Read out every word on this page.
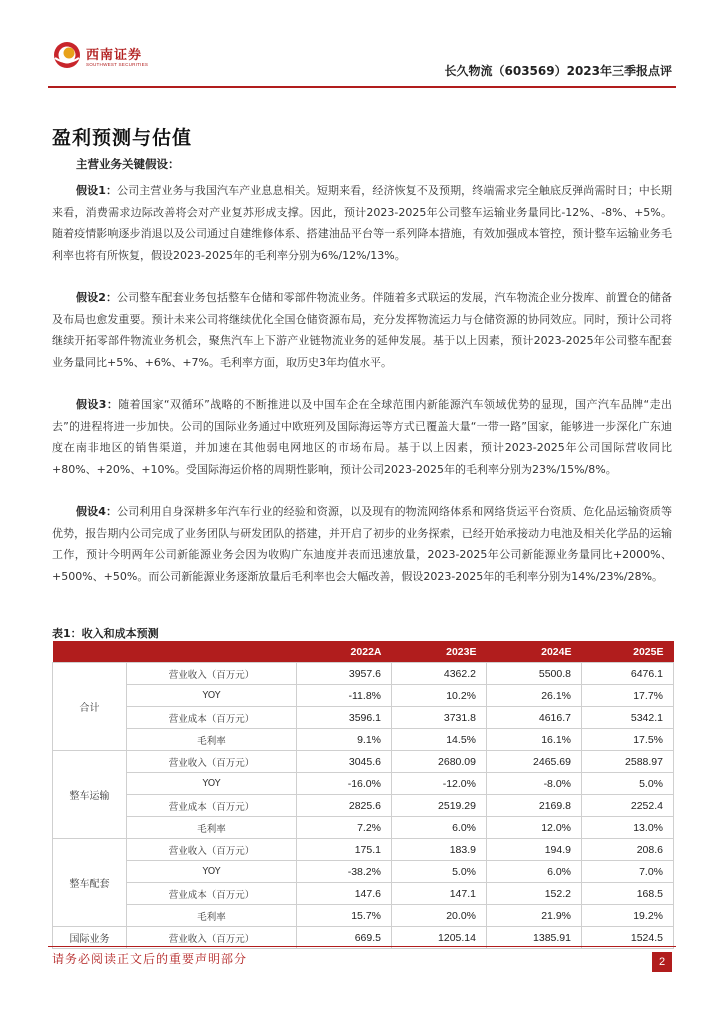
西南证券
SOUTHWEST SECURITIES	长久物流（603569）2023年三季报点评
盈利预测与估值
主营业务关键假设：

假设1：公司主营业务与我国汽车产业息息相关。短期来看，经济恢复不及预期，终端需求完全触底反弹尚需时日；中长期来看，消费需求边际改善将会对产业复苏形成支撑。因此，预计2023-2025年公司整车运输业务量同比-12%、-8%、+5%。随着疫情影响逐步消退以及公司通过自建维修体系、搭建油品平台等一系列降本措施，有效加强成本管控，预计整车运输业务毛利率也将有所恢复，假设2023-2025年的毛利率分别为6%/12%/13%。

假设2：公司整车配套业务包括整车仓储和零部件物流业务。伴随着多式联运的发展，汽车物流企业分拨库、前置仓的储备及布局也愈发重要。预计未来公司将继续优化全国仓储资源布局，充分发挥物流运力与仓储资源的协同效应。同时，预计公司将继续开拓零部件物流业务机会，聚焦汽车上下游产业链物流业务的延伸发展。基于以上因素，预计2023-2025年公司整车配套业务量同比+5%、+6%、+7%。毛利率方面，取历史3年均值水平。

假设3：随着国家“双循环”战略的不断推进以及中国车企在全球范围内新能源汽车领域优势的显现，国产汽车品牌“走出去”的进程将进一步加快。公司的国际业务通过中欧班列及国际海运等方式已覆盖大量“一带一路”国家，能够进一步深化广东迪度在南非地区的销售渠道，并加速在其他弱电网地区的市场布局。基于以上因素，预计2023-2025年公司国际营收同比+80%、+20%、+10%。受国际海运价格的周期性影响，预计公司2023-2025年的毛利率分别为23%/15%/8%。

假设4：公司利用自身深耕多年汽车行业的经验和资源，以及现有的物流网络体系和网络货运平台资质、危化品运输资质等优势，报告期内公司完成了业务团队与研发团队的搭建，并开启了初步的业务探索，已经开始承接动力电池及相关化学品的运输工作，预计今明两年公司新能源业务会因为收购广东迪度并表而迅速放量，2023-2025年公司新能源业务量同比+2000%、+500%、+50%。而公司新能源业务逐渐放量后毛利率也会大幅改善，假设2023-2025年的毛利率分别为14%/23%/28%。

表1：收入和成本预测
		2022A	2023E	2024E	2025E
合计	营业收入（百万元）	3957.6	4362.2	5500.8	6476.1
	YOY	-11.8%	10.2%	26.1%	17.7%
	营业成本（百万元）	3596.1	3731.8	4616.7	5342.1
	毛利率	9.1%	14.5%	16.1%	17.5%
整车运输	营业收入（百万元）	3045.6	2680.09	2465.69	2588.97
	YOY	-16.0%	-12.0%	-8.0%	5.0%
	营业成本（百万元）	2825.6	2519.29	2169.8	2252.4
	毛利率	7.2%	6.0%	12.0%	13.0%
整车配套	营业收入（百万元）	175.1	183.9	194.9	208.6
	YOY	-38.2%	5.0%	6.0%	7.0%
	营业成本（百万元）	147.6	147.1	152.2	168.5
	毛利率	15.7%	20.0%	21.9%	19.2%
国际业务	营业收入（百万元）	669.5	1205.14	1385.91	1524.5
请务必阅读正文后的重要声明部分	2
